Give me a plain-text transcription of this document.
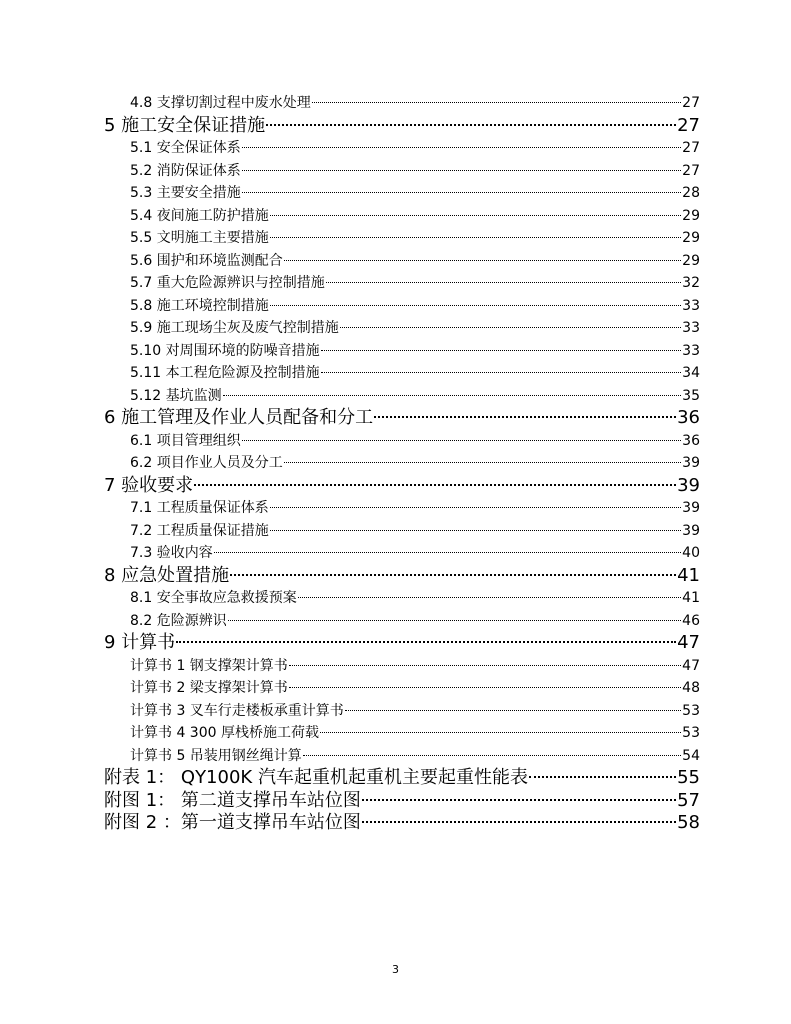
4.8 支撑切割过程中废水处理	27
5 施工安全保证措施	27
5.1 安全保证体系	27
5.2 消防保证体系	27
5.3 主要安全措施	28
5.4 夜间施工防护措施	29
5.5 文明施工主要措施	29
5.6 围护和环境监测配合	29
5.7 重大危险源辨识与控制措施	32
5.8 施工环境控制措施	33
5.9 施工现场尘灰及废气控制措施	33
5.10 对周围环境的防噪音措施	33
5.11 本工程危险源及控制措施	34
5.12 基坑监测	35
6 施工管理及作业人员配备和分工	36
6.1 项目管理组织	36
6.2 项目作业人员及分工	39
7 验收要求	39
7.1 工程质量保证体系	39
7.2 工程质量保证措施	39
7.3 验收内容	40
8 应急处置措施	41
8.1 安全事故应急救援预案	41
8.2 危险源辨识	46
9 计算书	47
计算书 1 钢支撑架计算书	47
计算书 2 梁支撑架计算书	48
计算书 3 叉车行走楼板承重计算书	53
计算书 4 300 厚栈桥施工荷载	53
计算书 5 吊装用钢丝绳计算	54
附表 1： QY100K 汽车起重机起重机主要起重性能表	55
附图 1： 第二道支撑吊车站位图	57
附图 2 ：第一道支撑吊车站位图	58
3
